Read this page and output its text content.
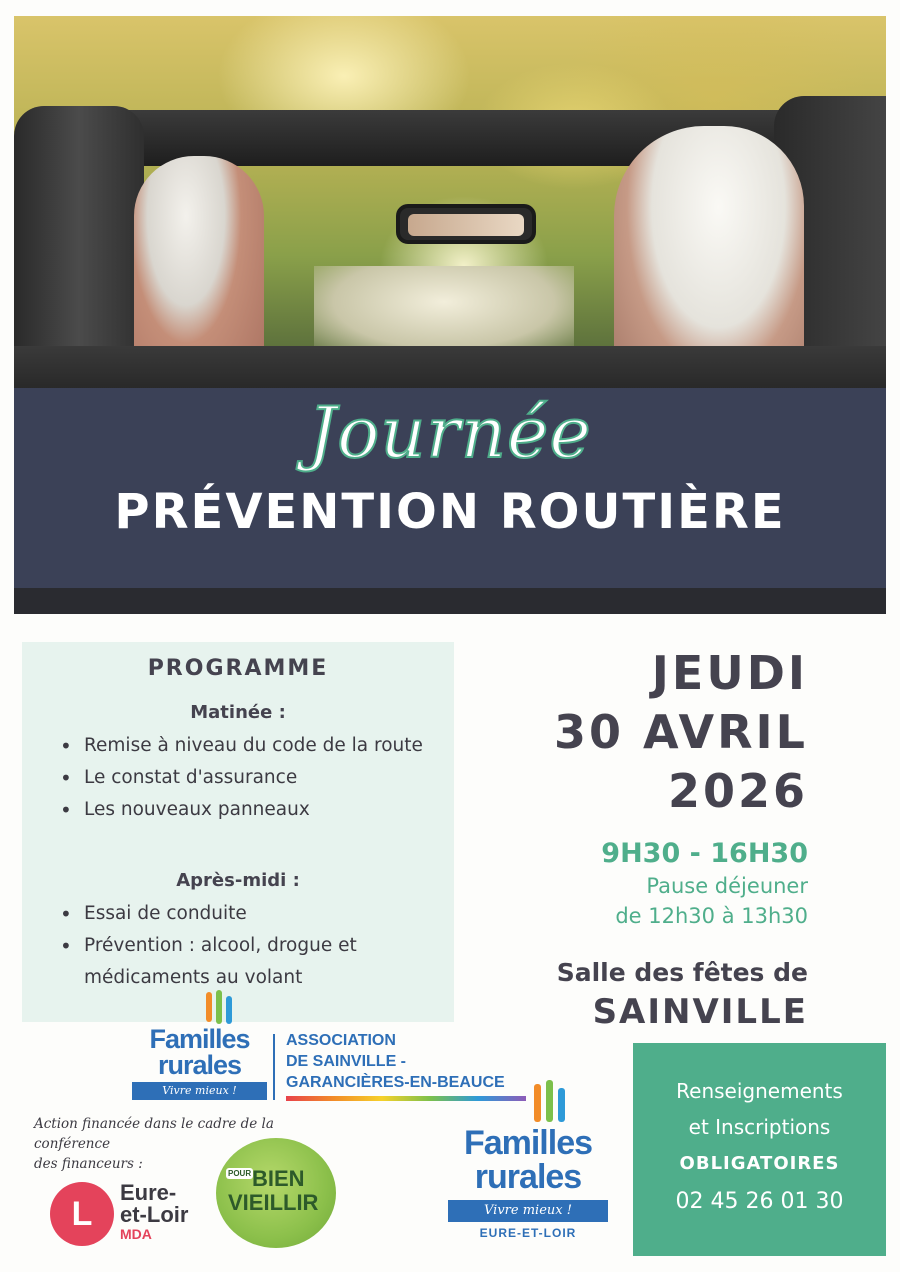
Journée
PRÉVENTION ROUTIÈRE
PROGRAMME
Matinée :
• Remise à niveau du code de la route
• Le constat d'assurance
• Les nouveaux panneaux
Après-midi :
• Essai de conduite
• Prévention : alcool, drogue et médicaments au volant
JEUDI
30 AVRIL
2026
9H30 - 16H30
Pause déjeuner
de 12h30 à 13h30
Salle des fêtes de
SAINVILLE
Familles
rurales
Vivre mieux !
ASSOCIATION
DE SAINVILLE -
GARANCIÈRES-EN-BEAUCE
Action financée dans le cadre de la
conférence
des financeurs :
L
Eure-
et-Loir
MDA
POUR BIEN
VIEILLIR
Familles
rurales
Vivre mieux !
EURE-ET-LOIR
Renseignements
et Inscriptions
OBLIGATOIRES
02 45 26 01 30
